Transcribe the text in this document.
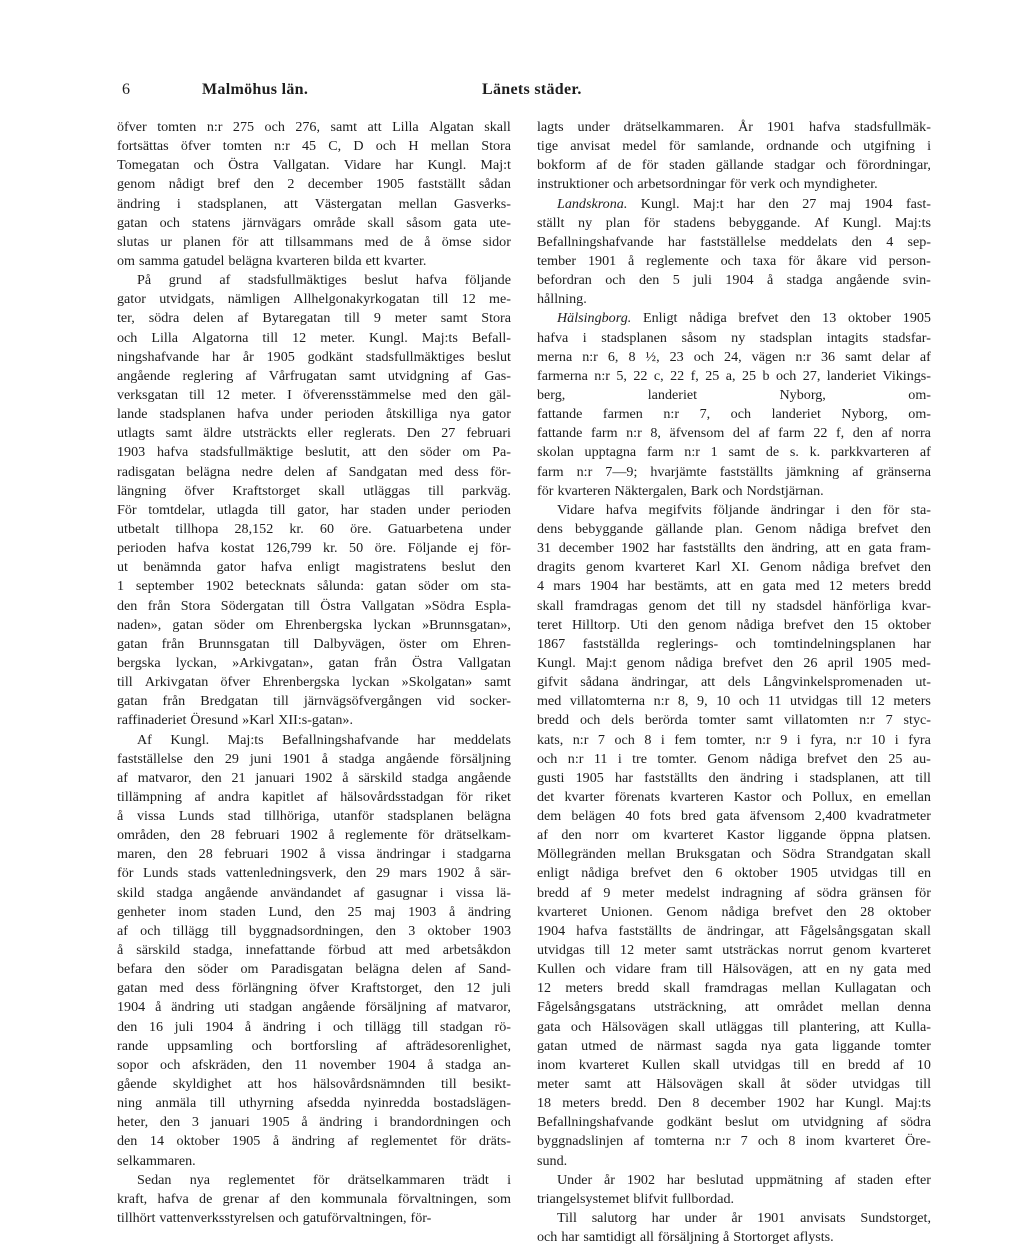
6	Malmöhus län.	Länets städer.
öfver tomten n:r 275 och 276, samt att Lilla Algatan skall
fortsättas öfver tomten n:r 45 C, D och H mellan Stora
Tomegatan och Östra Vallgatan. Vidare har Kungl. Maj:t
genom nådigt bref den 2 december 1905 fastställt sådan
ändring i stadsplanen, att Västergatan mellan Gasverks-
gatan och statens järnvägars område skall såsom gata ute-
slutas ur planen för att tillsammans med de å ömse sidor
om samma gatudel belägna kvarteren bilda ett kvarter.
På grund af stadsfullmäktiges beslut hafva följande
gator utvidgats, nämligen Allhelgonakyrkogatan till 12 me-
ter, södra delen af Bytaregatan till 9 meter samt Stora
och Lilla Algatorna till 12 meter. Kungl. Maj:ts Befall-
ningshafvande har år 1905 godkänt stadsfullmäktiges beslut
angående reglering af Vårfrugatan samt utvidgning af Gas-
verksgatan till 12 meter. I öfverensstämmelse med den gäl-
lande stadsplanen hafva under perioden åtskilliga nya gator
utlagts samt äldre utsträckts eller reglerats. Den 27 februari
1903 hafva stadsfullmäktige beslutit, att den söder om Pa-
radisgatan belägna nedre delen af Sandgatan med dess för-
längning öfver Kraftstorget skall utläggas till parkväg.
För tomtdelar, utlagda till gator, har staden under perioden
utbetalt tillhopa 28,152 kr. 60 öre. Gatuarbetena under
perioden hafva kostat 126,799 kr. 50 öre. Följande ej för-
ut benämnda gator hafva enligt magistratens beslut den
1 september 1902 betecknats sålunda: gatan söder om sta-
den från Stora Södergatan till Östra Vallgatan »Södra Espla-
naden», gatan söder om Ehrenbergska lyckan »Brunnsgatan»,
gatan från Brunnsgatan till Dalbyvägen, öster om Ehren-
bergska lyckan, »Arkivgatan», gatan från Östra Vallgatan
till Arkivgatan öfver Ehrenbergska lyckan »Skolgatan» samt
gatan från Bredgatan till järnvägsöfvergången vid socker-
raffinaderiet Öresund »Karl XII:s-gatan».
Af Kungl. Maj:ts Befallningshafvande har meddelats
fastställelse den 29 juni 1901 å stadga angående försäljning
af matvaror, den 21 januari 1902 å särskild stadga angående
tillämpning af andra kapitlet af hälsovårdsstadgan för riket
å vissa Lunds stad tillhöriga, utanför stadsplanen belägna
områden, den 28 februari 1902 å reglemente för drätselkam-
maren, den 28 februari 1902 å vissa ändringar i stadgarna
för Lunds stads vattenledningsverk, den 29 mars 1902 å sär-
skild stadga angående användandet af gasugnar i vissa lä-
genheter inom staden Lund, den 25 maj 1903 å ändring
af och tillägg till byggnadsordningen, den 3 oktober 1903
å särskild stadga, innefattande förbud att med arbetsåkdon
befara den söder om Paradisgatan belägna delen af Sand-
gatan med dess förlängning öfver Kraftstorget, den 12 juli
1904 å ändring uti stadgan angående försäljning af matvaror,
den 16 juli 1904 å ändring i och tillägg till stadgan rö-
rande uppsamling och bortforsling af afträdesorenlighet,
sopor och afskräden, den 11 november 1904 å stadga an-
gående skyldighet att hos hälsovårdsnämnden till besikt-
ning anmäla till uthyrning afsedda nyinredda bostadslägen-
heter, den 3 januari 1905 å ändring i brandordningen och
den 14 oktober 1905 å ändring af reglementet för dräts-
selkammaren.
Sedan nya reglementet för drätselkammaren trädt i
kraft, hafva de grenar af den kommunala förvaltningen, som
tillhört vattenverksstyrelsen och gatuförvaltningen, för-
lagts under drätselkammaren. År 1901 hafva stadsfullmäk-
tige anvisat medel för samlande, ordnande och utgifning i
bokform af de för staden gällande stadgar och förordningar,
instruktioner och arbetsordningar för verk och myndigheter.
Landskrona. Kungl. Maj:t har den 27 maj 1904 fast-
ställt ny plan för stadens bebyggande. Af Kungl. Maj:ts
Befallningshafvande har fastställelse meddelats den 4 sep-
tember 1901 å reglemente och taxa för åkare vid person-
befordran och den 5 juli 1904 å stadga angående svin-
hållning.
Hälsingborg. Enligt nådiga brefvet den 13 oktober 1905
hafva i stadsplanen såsom ny stadsplan intagits stadsfar-
merna n:r 6, 8 ½, 23 och 24, vägen n:r 36 samt delar af
farmerna n:r 5, 22 c, 22 f, 25 a, 25 b och 27, landeriet Vikings-
berg,	landeriet	Nyborg,	om-
fattande farmen n:r 7, och landeriet Nyborg, om-
fattande farm n:r 8, äfvensom del af farm 22 f, den af norra
skolan upptagna farm n:r 1 samt de s. k. parkkvarteren af
farm n:r 7—9; hvarjämte fastställts jämkning af gränserna
för kvarteren Näktergalen, Bark och Nordstjärnan.
Vidare hafva megifvits följande ändringar i den för sta-
dens bebyggande gällande plan. Genom nådiga brefvet den
31 december 1902 har fastställts den ändring, att en gata fram-
dragits genom kvarteret Karl XI. Genom nådiga brefvet den
4 mars 1904 har bestämts, att en gata med 12 meters bredd
skall framdragas genom det till ny stadsdel hänförliga kvar-
teret Hilltorp. Uti den genom nådiga brefvet den 15 oktober
1867 fastställda reglerings- och tomtindelningsplanen har
Kungl. Maj:t genom nådiga brefvet den 26 april 1905 med-
gifvit sådana ändringar, att dels Långvinkelspromenaden ut-
med villatomterna n:r 8, 9, 10 och 11 utvidgas till 12 meters
bredd och dels berörda tomter samt villatomten n:r 7 styc-
kats, n:r 7 och 8 i fem tomter, n:r 9 i fyra, n:r 10 i fyra
och n:r 11 i tre tomter. Genom nådiga brefvet den 25 au-
gusti 1905 har fastställts den ändring i stadsplanen, att till
det kvarter förenats kvarteren Kastor och Pollux, en emellan
dem belägen 40 fots bred gata äfvensom 2,400 kvadratmeter
af den norr om kvarteret Kastor liggande öppna platsen.
Möllegränden mellan Bruksgatan och Södra Strandgatan skall
enligt nådiga brefvet den 6 oktober 1905 utvidgas till en
bredd af 9 meter medelst indragning af södra gränsen för
kvarteret Unionen. Genom nådiga brefvet den 28 oktober
1904 hafva fastställts de ändringar, att Fågelsångsgatan skall
utvidgas till 12 meter samt utsträckas norrut genom kvarteret
Kullen och vidare fram till Hälsovägen, att en ny gata med
12 meters bredd skall framdragas mellan Kullagatan och
Fågelsångsgatans utsträckning, att området mellan denna
gata och Hälsovägen skall utläggas till plantering, att Kulla-
gatan utmed de närmast sagda nya gata liggande tomter
inom kvarteret Kullen skall utvidgas till en bredd af 10
meter samt att Hälsovägen skall åt söder utvidgas till
18 meters bredd. Den 8 december 1902 har Kungl. Maj:ts
Befallningshafvande godkänt beslut om utvidgning af södra
byggnadslinjen af tomterna n:r 7 och 8 inom kvarteret Öre-
sund.
Under år 1902 har beslutad uppmätning af staden efter
triangelsystemet blifvit fullbordad.
Till salutorg har under år 1901 anvisats Sundstorget,
och har samtidigt all försäljning å Stortorget aflysts.
